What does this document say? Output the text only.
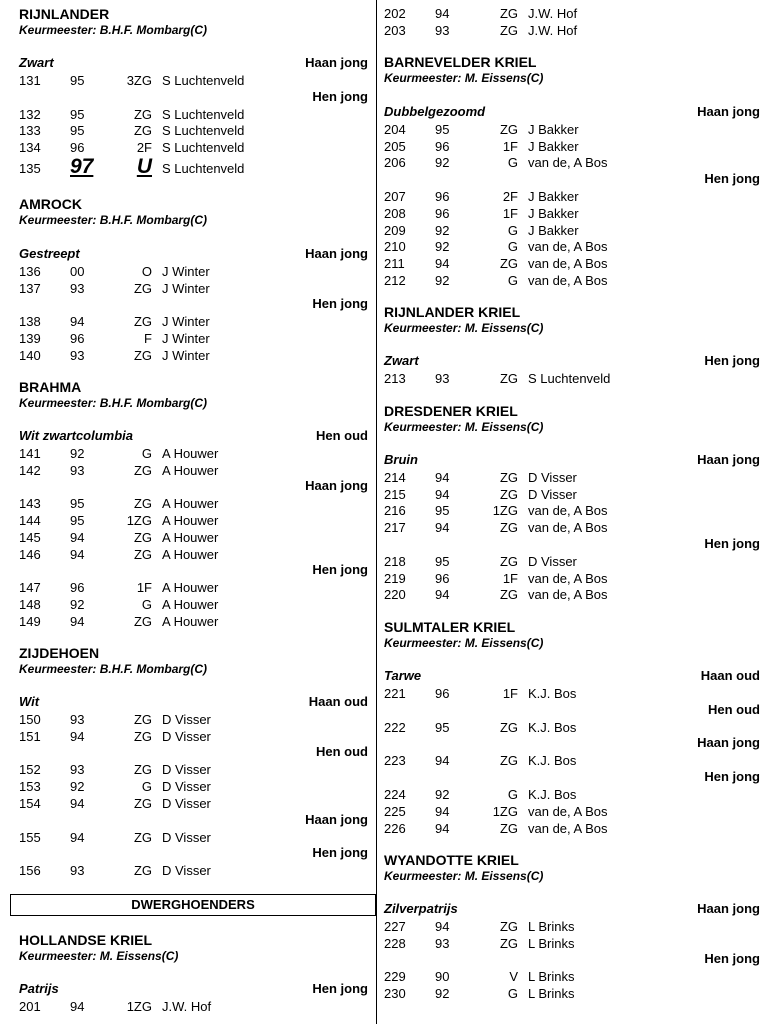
RIJNLANDER
Keurmeester: B.H.F. Mombarg(C)
Zwart	Haan jong
131 95	3ZG S Luchtenveld
Hen jong
132 95	ZG S Luchtenveld
133 95	ZG S Luchtenveld
134 96	2F S Luchtenveld
135 97	U S Luchtenveld
AMROCK
Keurmeester: B.H.F. Mombarg(C)
Gestreept	Haan jong
136 00	O J Winter
137 93	ZG J Winter
Hen jong
138 94	ZG J Winter
139 96	F J Winter
140 93	ZG J Winter
BRAHMA
Keurmeester: B.H.F. Mombarg(C)
Wit zwartcolumbia	Hen oud
141 92	G A Houwer
142 93	ZG A Houwer
Haan jong
143 95	ZG A Houwer
144 95	1ZG A Houwer
145 94	ZG A Houwer
146 94	ZG A Houwer
Hen jong
147 96	1F A Houwer
148 92	G A Houwer
149 94	ZG A Houwer
ZIJDEHOEN
Keurmeester: B.H.F. Mombarg(C)
Wit	Haan oud
150 93	ZG D Visser
151 94	ZG D Visser
Hen oud
152 93	ZG D Visser
153 92	G D Visser
154 94	ZG D Visser
Haan jong
155 94	ZG D Visser
Hen jong
156 93	ZG D Visser
DWERGHOENDERS
HOLLANDSE KRIEL
Keurmeester: M. Eissens(C)
Patrijs	Hen jong
201 94	1ZG J.W. Hof
202 94	ZG J.W. Hof
203 93	ZG J.W. Hof
BARNEVELDER KRIEL
Keurmeester: M. Eissens(C)
Dubbelgezoomd	Haan jong
204 95	ZG J Bakker
205 96	1F J Bakker
206 92	G van de, A Bos
Hen jong
207 96	2F J Bakker
208 96	1F J Bakker
209 92	G J Bakker
210 92	G van de, A Bos
211 94	ZG van de, A Bos
212 92	G van de, A Bos
RIJNLANDER KRIEL
Keurmeester: M. Eissens(C)
Zwart	Hen jong
213 93	ZG S Luchtenveld
DRESDENER KRIEL
Keurmeester: M. Eissens(C)
Bruin	Haan jong
214 94	ZG D Visser
215 94	ZG D Visser
216 95	1ZG van de, A Bos
217 94	ZG van de, A Bos
Hen jong
218 95	ZG D Visser
219 96	1F van de, A Bos
220 94	ZG van de, A Bos
SULMTALER KRIEL
Keurmeester: M. Eissens(C)
Tarwe	Haan oud
221 96	1F K.J. Bos
Hen oud
222 95	ZG K.J. Bos
Haan jong
223 94	ZG K.J. Bos
Hen jong
224 92	G K.J. Bos
225 94	1ZG van de, A Bos
226 94	ZG van de, A Bos
WYANDOTTE KRIEL
Keurmeester: M. Eissens(C)
Zilverpatrijs	Haan jong
227 94	ZG L Brinks
228 93	ZG L Brinks
Hen jong
229 90	V L Brinks
230 92	G L Brinks
